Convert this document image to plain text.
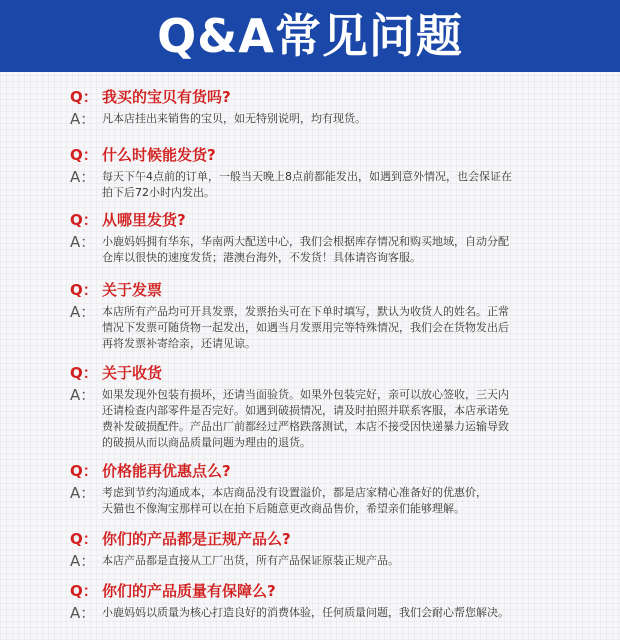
Q&A常见问题
Q： 我买的宝贝有货吗?
A： 凡本店挂出来销售的宝贝，如无特别说明，均有现货。
Q： 什么时候能发货?
A： 每天下午4点前的订单，一般当天晚上8点前都能发出，如遇到意外情况，也会保证在
拍下后72小时内发出。
Q： 从哪里发货?
A： 小鹿妈妈拥有华东，华南两大配送中心，我们会根据库存情况和购买地域，自动分配
仓库以很快的速度发货；港澳台海外，不发货！具体请咨询客服。
Q： 关于发票
A： 本店所有产品均可开具发票，发票抬头可在下单时填写，默认为收货人的姓名。正常
情况下发票可随货物一起发出，如遇当月发票用完等特殊情况，我们会在货物发出后
再将发票补寄给亲，还请见谅。
Q： 关于收货
A： 如果发现外包装有损坏，还请当面验货。如果外包装完好，亲可以放心签收，三天内
还请检查内部零件是否完好。如遇到破损情况，请及时拍照并联系客服，本店承诺免
费补发破损配件。产品出厂前都经过严格跌落测试，本店不接受因快递暴力运输导致
的破损从而以商品质量问题为理由的退货。
Q： 价格能再优惠点么?
A： 考虑到节约沟通成本，本店商品没有设置溢价，都是店家精心准备好的优惠价，
天猫也不像淘宝那样可以在拍下后随意更改商品售价，希望亲们能够理解。
Q： 你们的产品都是正规产品么?
A： 本店产品都是直接从工厂出货，所有产品保证原装正规产品。
Q： 你们的产品质量有保障么?
A： 小鹿妈妈以质量为核心打造良好的消费体验，任何质量问题，我们会耐心帮您解决。
